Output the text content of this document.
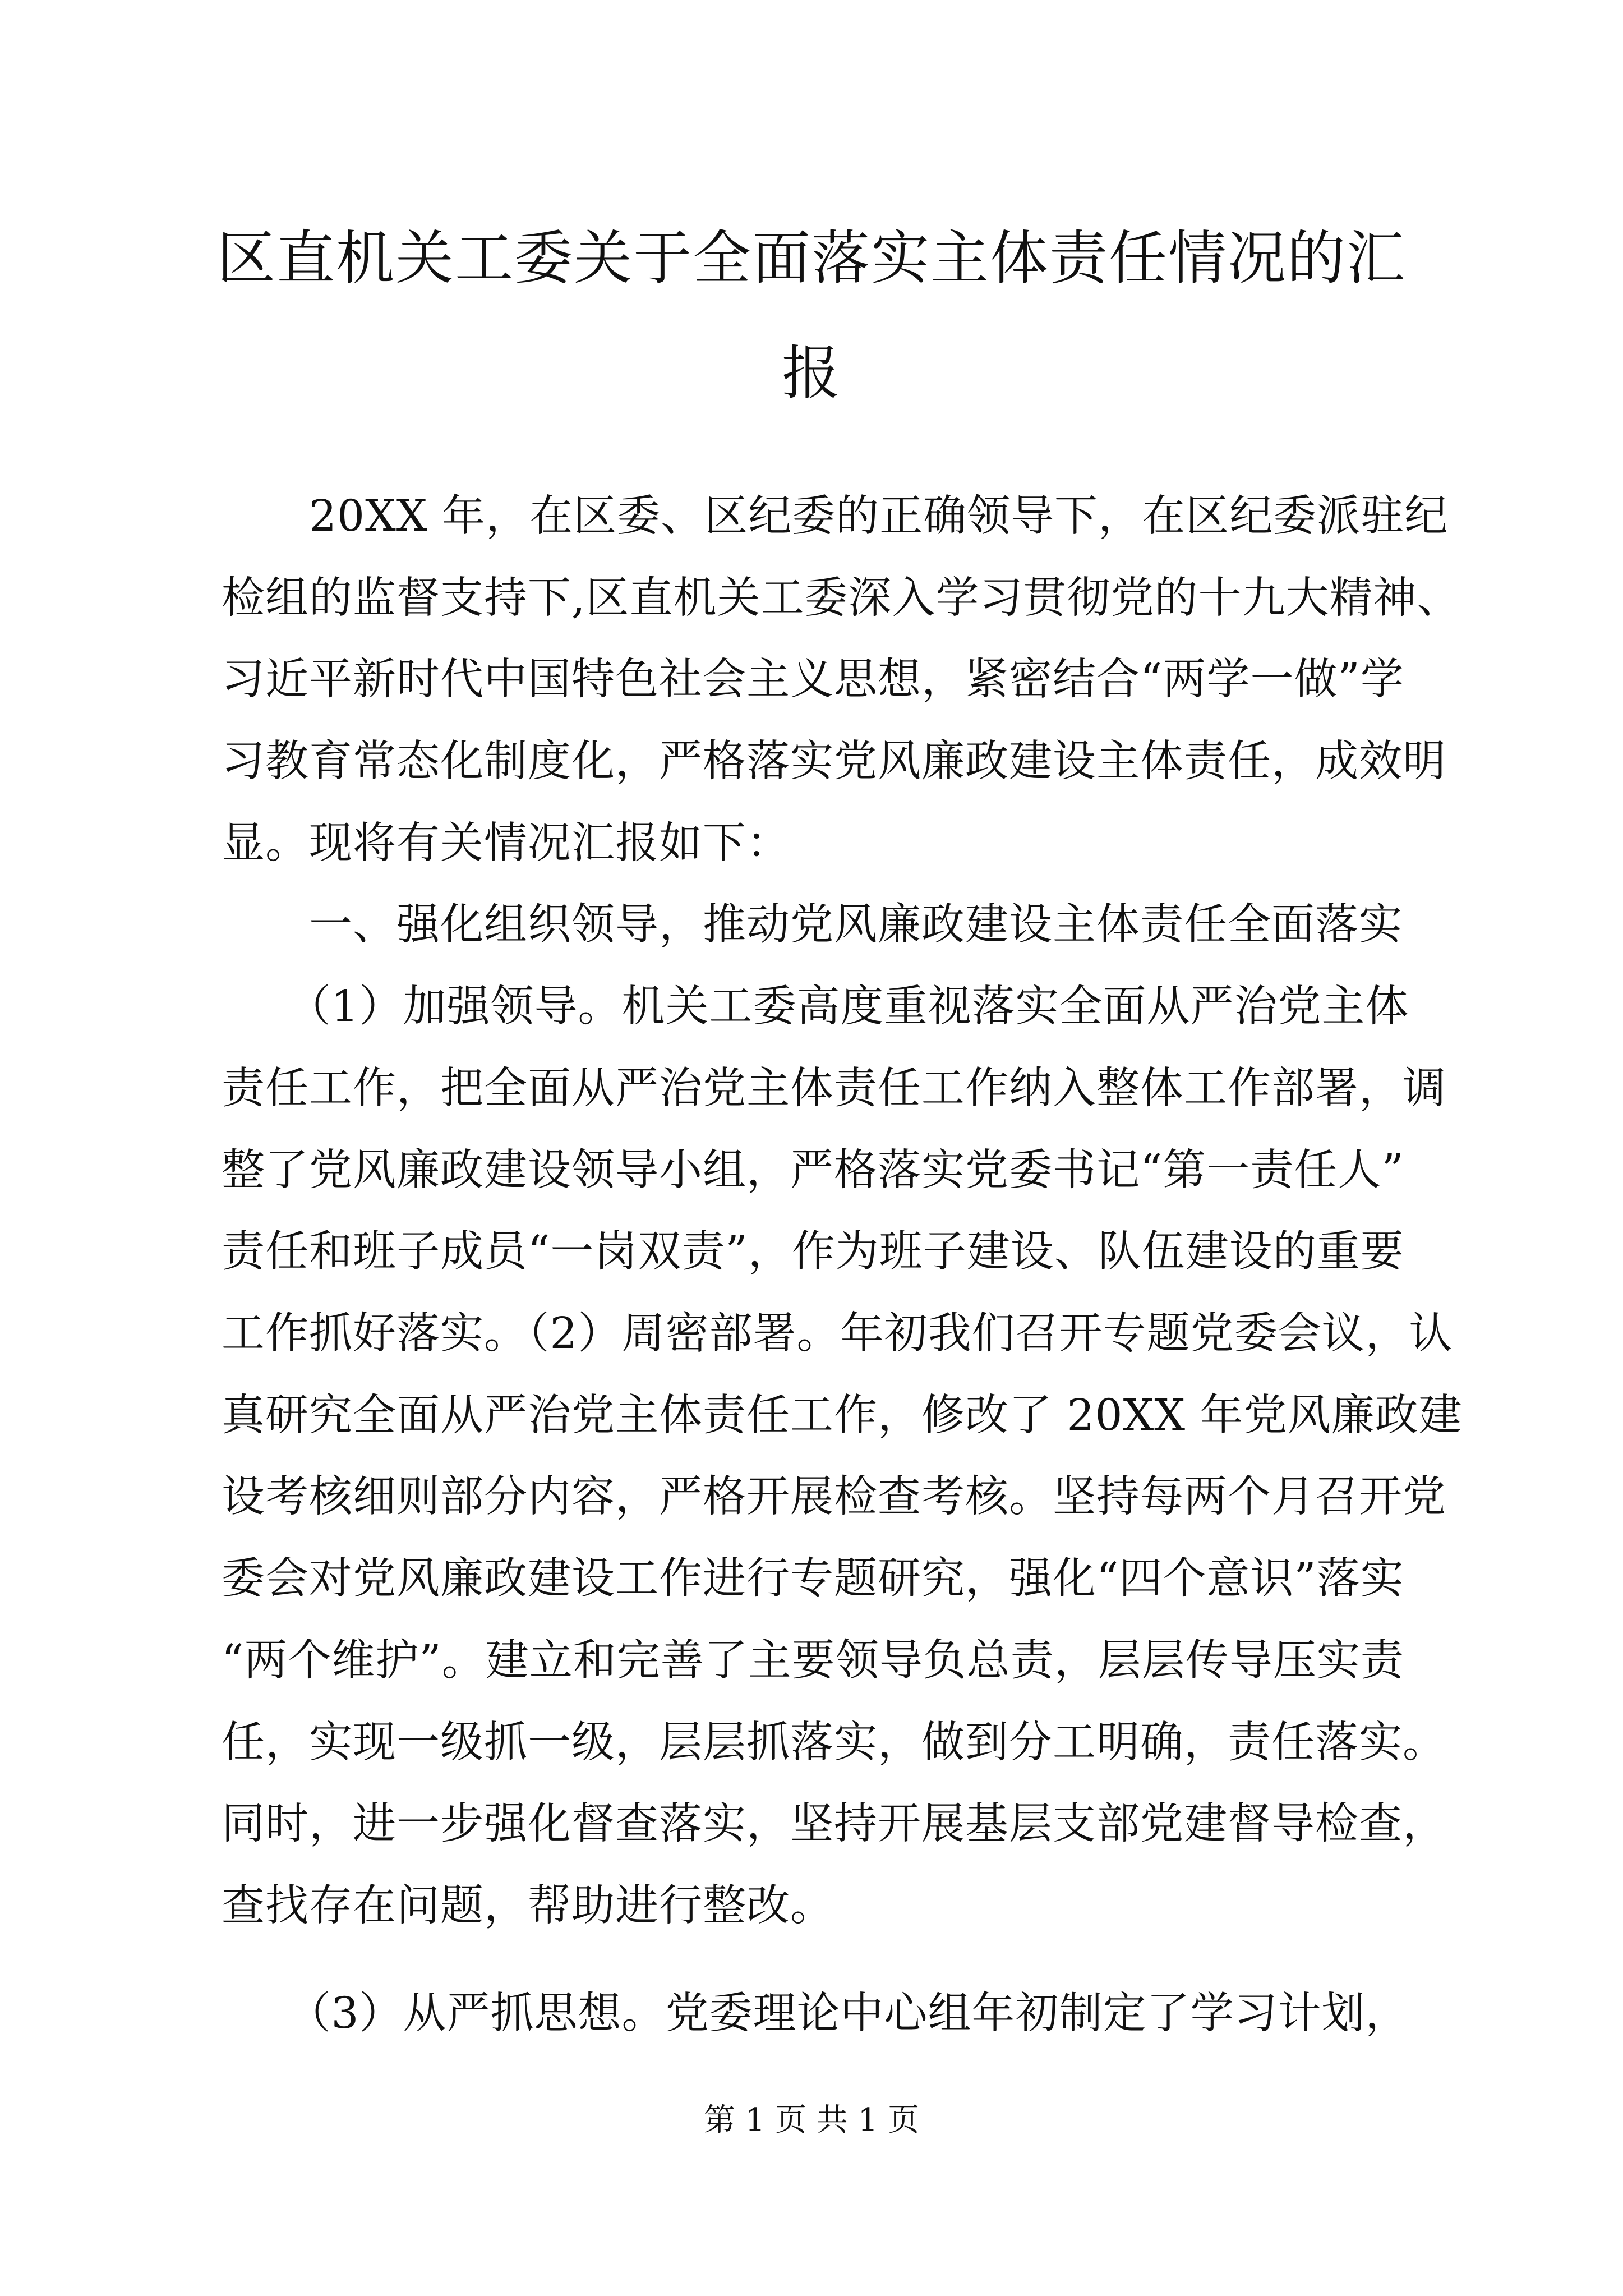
区直机关工委关于全面落实主体责任情况的汇
报
　　20XX 年，在区委、区纪委的正确领导下，在区纪委派驻纪
检组的监督支持下,区直机关工委深入学习贯彻党的十九大精神、
习近平新时代中国特色社会主义思想，紧密结合“两学一做”学
习教育常态化制度化，严格落实党风廉政建设主体责任，成效明
显。现将有关情况汇报如下：
　　一、强化组织领导，推动党风廉政建设主体责任全面落实
　　（1）加强领导。机关工委高度重视落实全面从严治党主体
责任工作，把全面从严治党主体责任工作纳入整体工作部署，调
整了党风廉政建设领导小组，严格落实党委书记“第一责任人”
责任和班子成员“一岗双责”，作为班子建设、队伍建设的重要
工作抓好落实。（2）周密部署。年初我们召开专题党委会议，认
真研究全面从严治党主体责任工作，修改了 20XX 年党风廉政建
设考核细则部分内容，严格开展检查考核。坚持每两个月召开党
委会对党风廉政建设工作进行专题研究，强化“四个意识”落实
“两个维护”。建立和完善了主要领导负总责，层层传导压实责
任，实现一级抓一级，层层抓落实，做到分工明确，责任落实。
同时，进一步强化督查落实，坚持开展基层支部党建督导检查，
查找存在问题，帮助进行整改。
　　（3）从严抓思想。党委理论中心组年初制定了学习计划，
第 1 页 共 1 页
